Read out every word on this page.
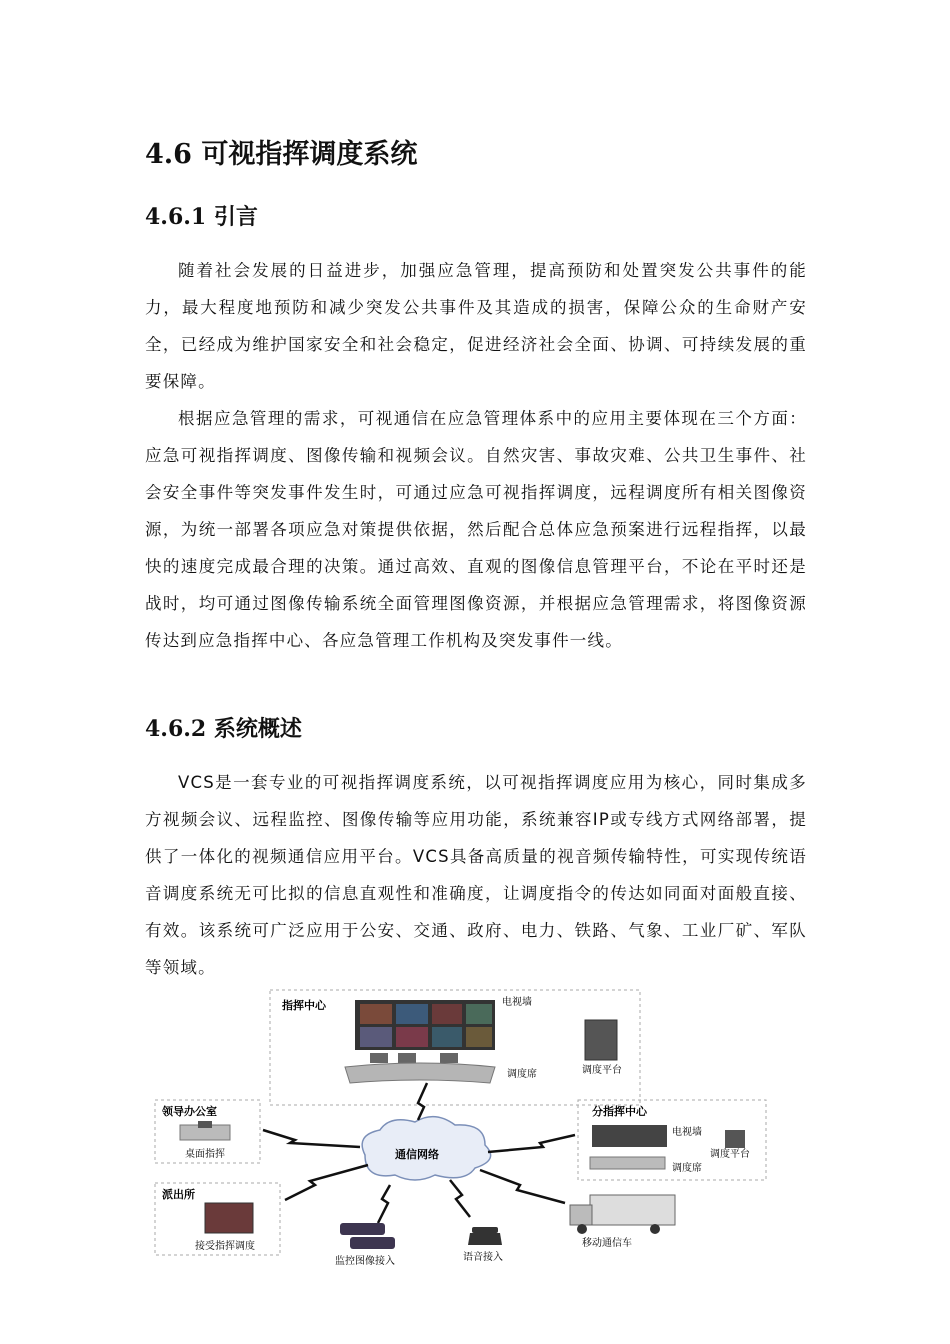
4.6 可视指挥调度系统
4.6.1 引言
随着社会发展的日益进步，加强应急管理，提高预防和处置突发公共事件的能力，最大程度地预防和减少突发公共事件及其造成的损害，保障公众的生命财产安全，已经成为维护国家安全和社会稳定，促进经济社会全面、协调、可持续发展的重要保障。
根据应急管理的需求，可视通信在应急管理体系中的应用主要体现在三个方面：应急可视指挥调度、图像传输和视频会议。自然灾害、事故灾难、公共卫生事件、社会安全事件等突发事件发生时，可通过应急可视指挥调度，远程调度所有相关图像资源，为统一部署各项应急对策提供依据，然后配合总体应急预案进行远程指挥，以最快的速度完成最合理的决策。通过高效、直观的图像信息管理平台，不论在平时还是战时，均可通过图像传输系统全面管理图像资源，并根据应急管理需求，将图像资源传达到应急指挥中心、各应急管理工作机构及突发事件一线。
4.6.2 系统概述
VCS是一套专业的可视指挥调度系统，以可视指挥调度应用为核心，同时集成多方视频会议、远程监控、图像传输等应用功能，系统兼容IP或专线方式网络部署，提供了一体化的视频通信应用平台。VCS具备高质量的视音频传输特性，可实现传统语音调度系统无可比拟的信息直观性和准确度，让调度指令的传达如同面对面般直接、有效。该系统可广泛应用于公安、交通、政府、电力、铁路、气象、工业厂矿、军队等领域。
指挥中心	电视墙
调度席	调度平台
领导办公室
桌面指挥
派出所
接受指挥调度
分指挥中心
电视墙
调度平台
调度席
通信网络
监控图像接入	语音接入
移动通信车
